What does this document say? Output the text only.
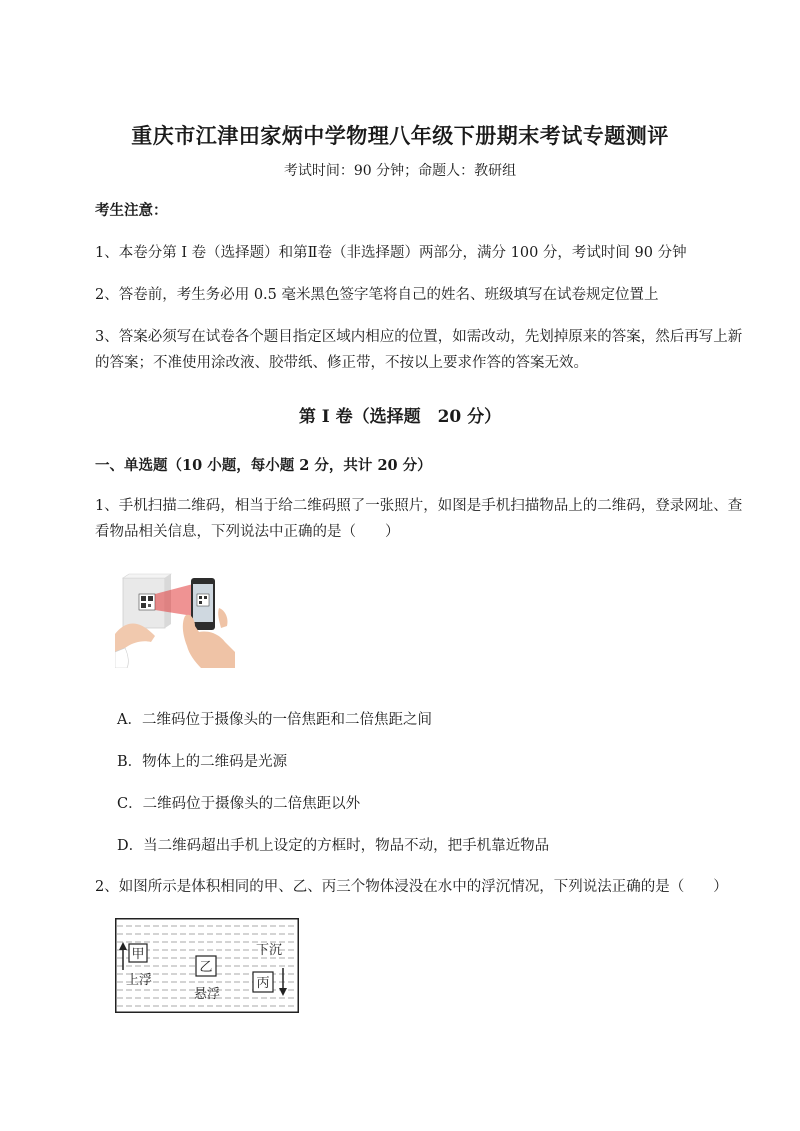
重庆市江津田家炳中学物理八年级下册期末考试专题测评
考试时间：90 分钟；命题人：教研组
考生注意：
1、本卷分第 I 卷（选择题）和第Ⅱ卷（非选择题）两部分，满分 100 分，考试时间 90 分钟
2、答卷前，考生务必用 0.5 毫米黑色签字笔将自己的姓名、班级填写在试卷规定位置上
3、答案必须写在试卷各个题目指定区域内相应的位置，如需改动，先划掉原来的答案，然后再写上新
的答案；不准使用涂改液、胶带纸、修正带，不按以上要求作答的答案无效。
第 I 卷（选择题　20 分）
一、单选题（10 小题，每小题 2 分，共计 20 分）
1、手机扫描二维码，相当于给二维码照了一张照片，如图是手机扫描物品上的二维码，登录网址、查
看物品相关信息，下列说法中正确的是（　　）
A．二维码位于摄像头的一倍焦距和二倍焦距之间
B．物体上的二维码是光源
C．二维码位于摄像头的二倍焦距以外
D．当二维码超出手机上设定的方框时，物品不动，把手机靠近物品
2、如图所示是体积相同的甲、乙、丙三个物体浸没在水中的浮沉情况，下列说法正确的是（　　）
甲
上浮
乙
悬浮
下沉
丙
